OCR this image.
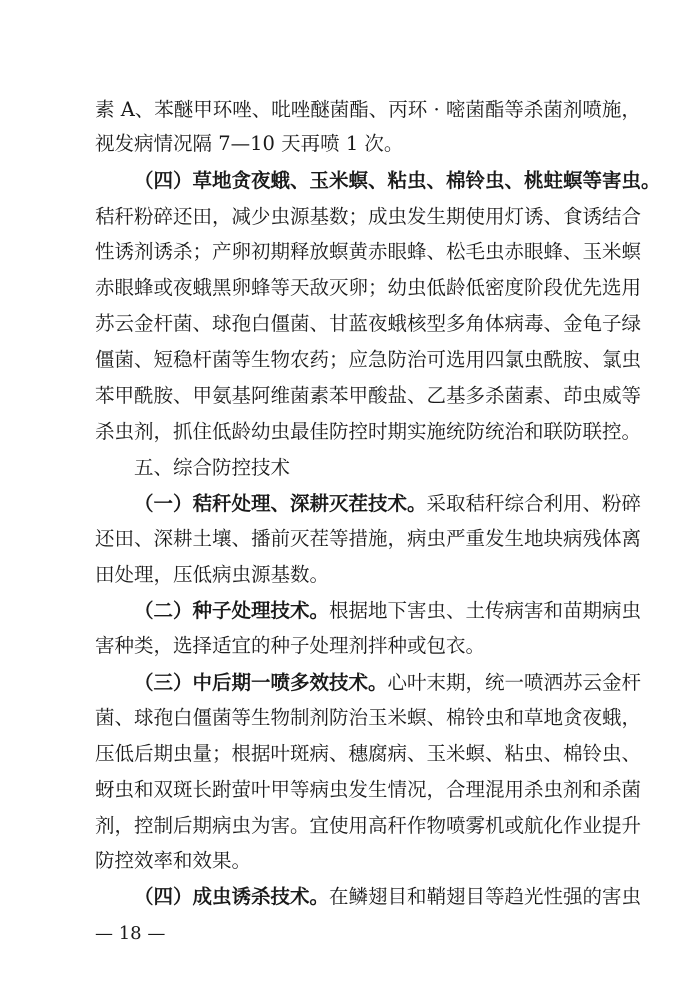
素 A、苯醚甲环唑、吡唑醚菌酯、丙环 · 嘧菌酯等杀菌剂喷施，
视发病情况隔 7—10 天再喷 1 次。
（四）草地贪夜蛾、玉米螟、粘虫、棉铃虫、桃蛀螟等害虫。
秸秆粉碎还田，减少虫源基数；成虫发生期使用灯诱、食诱结合
性诱剂诱杀；产卵初期释放螟黄赤眼蜂、松毛虫赤眼蜂、玉米螟
赤眼蜂或夜蛾黑卵蜂等天敌灭卵；幼虫低龄低密度阶段优先选用
苏云金杆菌、球孢白僵菌、甘蓝夜蛾核型多角体病毒、金龟子绿
僵菌、短稳杆菌等生物农药；应急防治可选用四氯虫酰胺、氯虫
苯甲酰胺、甲氨基阿维菌素苯甲酸盐、乙基多杀菌素、茚虫威等
杀虫剂，抓住低龄幼虫最佳防控时期实施统防统治和联防联控。
五、综合防控技术
（一）秸秆处理、深耕灭茬技术。采取秸秆综合利用、粉碎
还田、深耕土壤、播前灭茬等措施，病虫严重发生地块病残体离
田处理，压低病虫源基数。
（二）种子处理技术。根据地下害虫、土传病害和苗期病虫
害种类，选择适宜的种子处理剂拌种或包衣。
（三）中后期一喷多效技术。心叶末期，统一喷洒苏云金杆
菌、球孢白僵菌等生物制剂防治玉米螟、棉铃虫和草地贪夜蛾，
压低后期虫量；根据叶斑病、穗腐病、玉米螟、粘虫、棉铃虫、
蚜虫和双斑长跗萤叶甲等病虫发生情况，合理混用杀虫剂和杀菌
剂，控制后期病虫为害。宜使用高秆作物喷雾机或航化作业提升
防控效率和效果。
（四）成虫诱杀技术。在鳞翅目和鞘翅目等趋光性强的害虫
— 18 —
